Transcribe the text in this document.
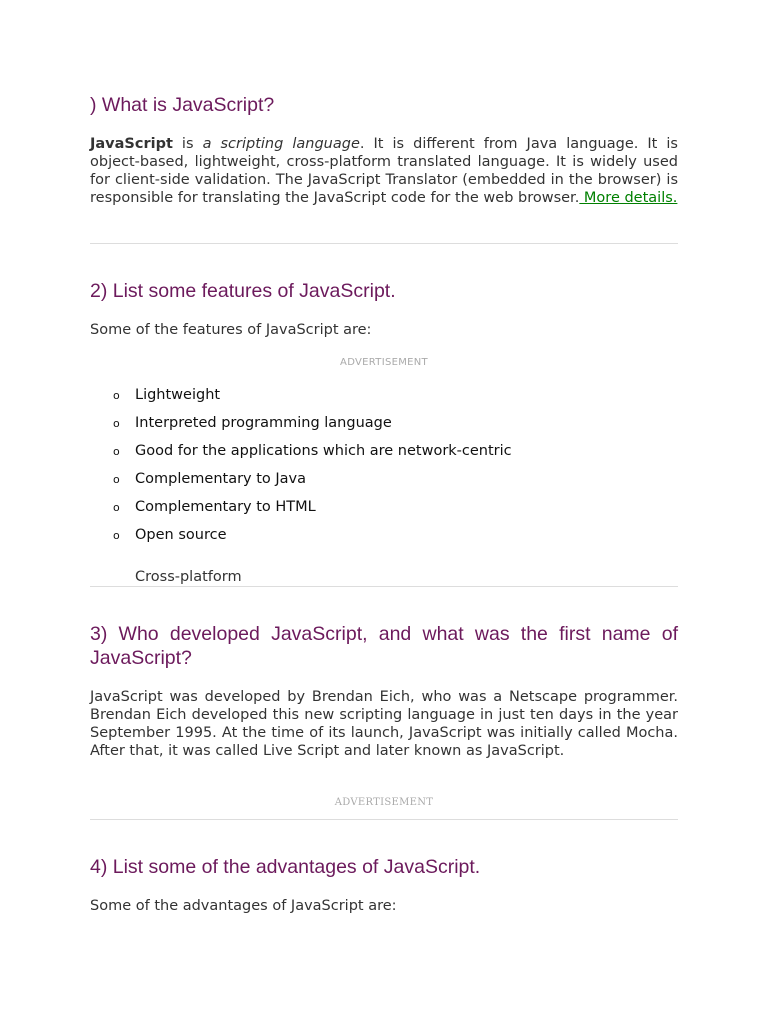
) What is JavaScript?

JavaScript is a scripting language. It is different from Java language. It is object-based, lightweight, cross-platform translated language. It is widely used for client-side validation. The JavaScript Translator (embedded in the browser) is responsible for translating the JavaScript code for the web browser. More details.

2) List some features of JavaScript.

Some of the features of JavaScript are:

ADVERTISEMENT
o Lightweight
o Interpreted programming language
o Good for the applications which are network-centric
o Complementary to Java
o Complementary to HTML
o Open source
Cross-platform
3) Who developed JavaScript, and what was the first name of JavaScript?

JavaScript was developed by Brendan Eich, who was a Netscape programmer. Brendan Eich developed this new scripting language in just ten days in the year September 1995. At the time of its launch, JavaScript was initially called Mocha. After that, it was called Live Script and later known as JavaScript.

ADVERTISEMENT
4) List some of the advantages of JavaScript.

Some of the advantages of JavaScript are:
